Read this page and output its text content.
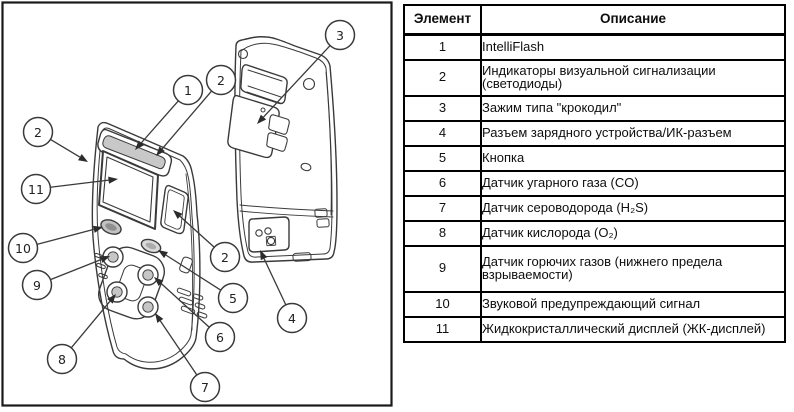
1
2
3
2
11
10
9
8
2
5
6
7
4
Элемент	Описание
1	IntelliFlash
2	Индикаторы визуальной сигнализации (светодиоды)
3	Зажим типа "крокодил"
4	Разъем зарядного устройства/ИК-разъем
5	Кнопка
6	Датчик угарного газа (CO)
7	Датчик сероводорода (H₂S)
8	Датчик кислорода (O₂)
9	Датчик горючих газов (нижнего предела взрываемости)
10	Звуковой предупреждающий сигнал
11	Жидкокристаллический дисплей (ЖК-дисплей)
